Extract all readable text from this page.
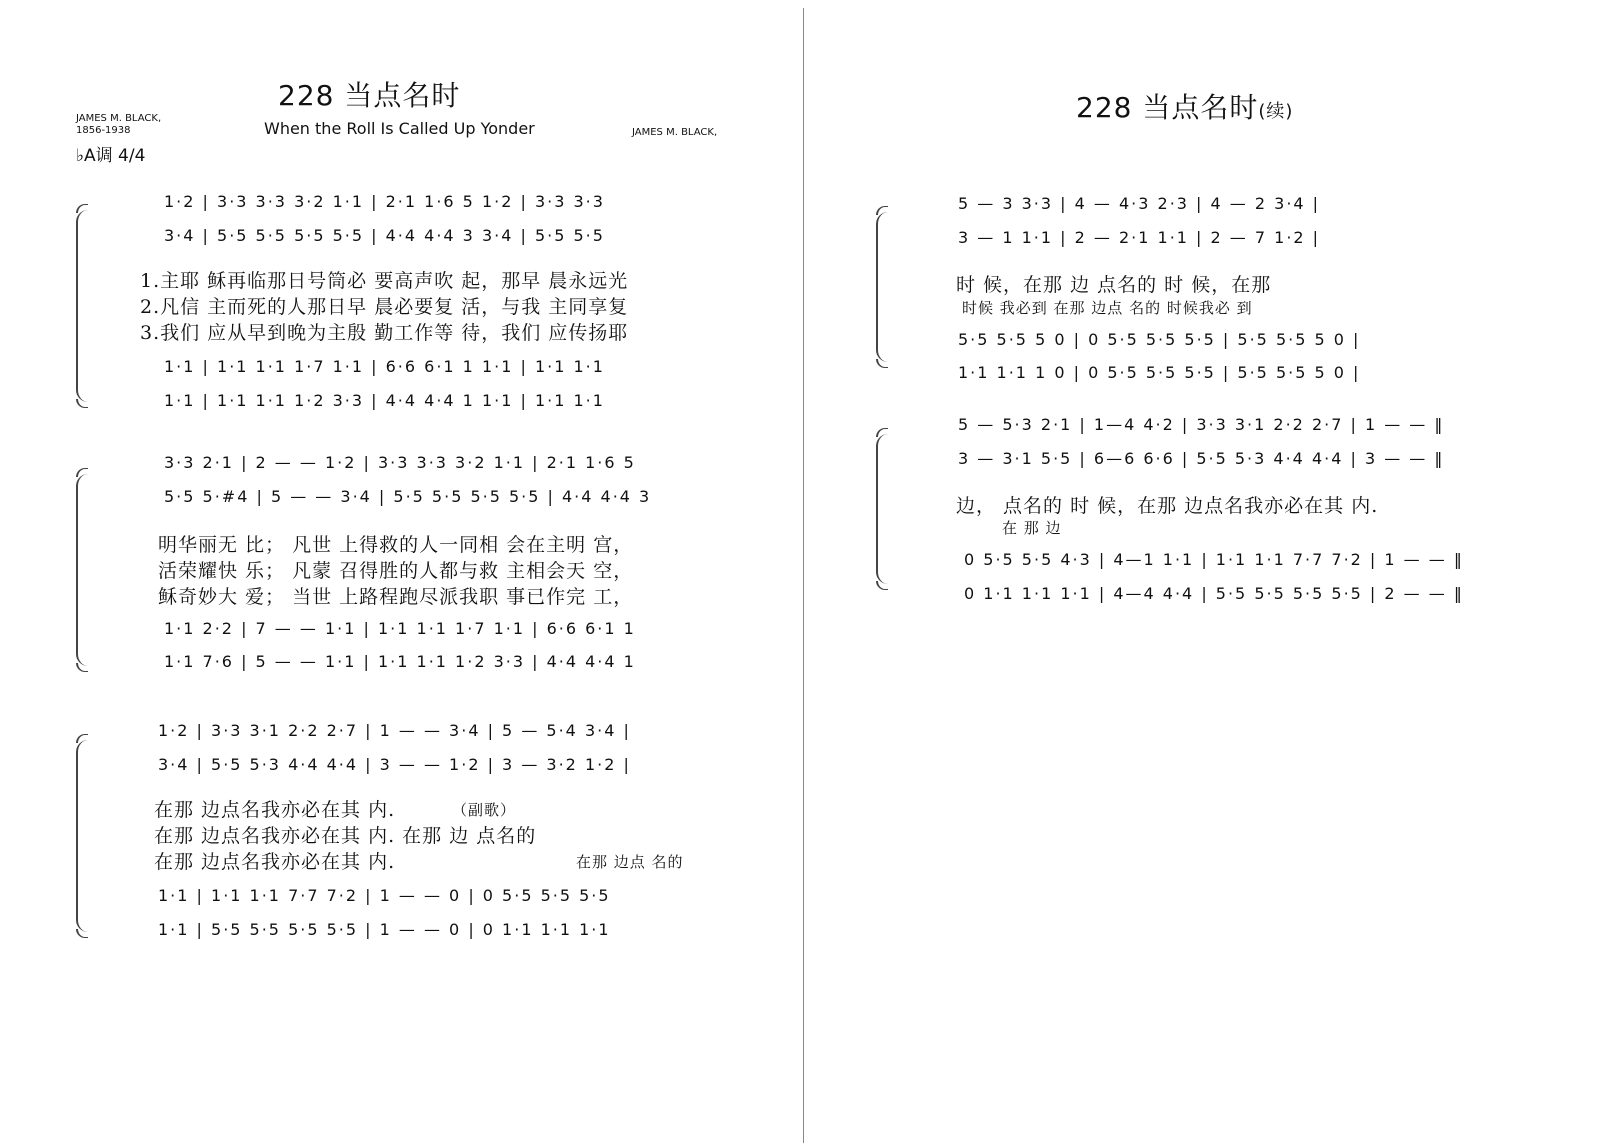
228 当点名时
When the Roll Is Called Up Yonder
JAMES M. BLACK,
1856-1938	JAMES M. BLACK,
♭A调 4/4
1·2 | 3·3 3·3 3·2 1·1 | 2·1 1·6 5 1·2 | 3·3 3·3
3·4 | 5·5 5·5 5·5 5·5 | 4·4 4·4 3 3·4 | 5·5 5·5
1.主耶 稣再临那日号筒必 要高声吹 起，那早 晨永远光
2.凡信 主而死的人那日早 晨必要复 活，与我 主同享复
3.我们 应从早到晚为主殷 勤工作等 待，我们 应传扬耶
1·1 | 1·1 1·1 1·7 1·1 | 6·6 6·1 1 1·1 | 1·1 1·1
1·1 | 1·1 1·1 1·2 3·3 | 4·4 4·4 1 1·1 | 1·1 1·1
3·3 2·1 | 2 — — 1·2 | 3·3 3·3 3·2 1·1 | 2·1 1·6 5
5·5 5·#4 | 5 — — 3·4 | 5·5 5·5 5·5 5·5 | 4·4 4·4 3
明华丽无 比； 凡世 上得救的人一同相 会在主明 宫，
活荣耀快 乐； 凡蒙 召得胜的人都与救 主相会天 空，
稣奇妙大 爱； 当世 上路程跑尽派我职 事已作完 工，
1·1 2·2 | 7 — — 1·1 | 1·1 1·1 1·7 1·1 | 6·6 6·1 1
1·1 7·6 | 5 — — 1·1 | 1·1 1·1 1·2 3·3 | 4·4 4·4 1
1·2 | 3·3 3·1 2·2 2·7 | 1 — — 3·4 | 5 — 5·4 3·4 |
3·4 | 5·5 5·3 4·4 4·4 | 3 — — 1·2 | 3 — 3·2 1·2 |
在那 边点名我亦必在其 内.	（副歌）
在那 边点名我亦必在其 内. 在那 边 点名的
在那 边点名我亦必在其 内.	在那 边点 名的
1·1 | 1·1 1·1 7·7 7·2 | 1 — — 0 | 0 5·5 5·5 5·5
1·1 | 5·5 5·5 5·5 5·5 | 1 — — 0 | 0 1·1 1·1 1·1
228 当点名时(续)
5 — 3 3·3 | 4 — 4·3 2·3 | 4 — 2 3·4 |
3 — 1 1·1 | 2 — 2·1 1·1 | 2 — 7 1·2 |
时 候，在那 边 点名的 时 候，在那
时候 我必到 在那 边点 名的 时候我必 到
5·5 5·5 5 0 | 0 5·5 5·5 5·5 | 5·5 5·5 5 0 |
1·1 1·1 1 0 | 0 5·5 5·5 5·5 | 5·5 5·5 5 0 |
5 — 5·3 2·1 | 1—4 4·2 | 3·3 3·1 2·2 2·7 | 1 — — ‖
3 — 3·1 5·5 | 6—6 6·6 | 5·5 5·3 4·4 4·4 | 3 — — ‖
边， 点名的 时 候，在那 边点名我亦必在其 内.
在 那 边
0 5·5 5·5 4·3 | 4—1 1·1 | 1·1 1·1 7·7 7·2 | 1 — — ‖
0 1·1 1·1 1·1 | 4—4 4·4 | 5·5 5·5 5·5 5·5 | 2 — — ‖
